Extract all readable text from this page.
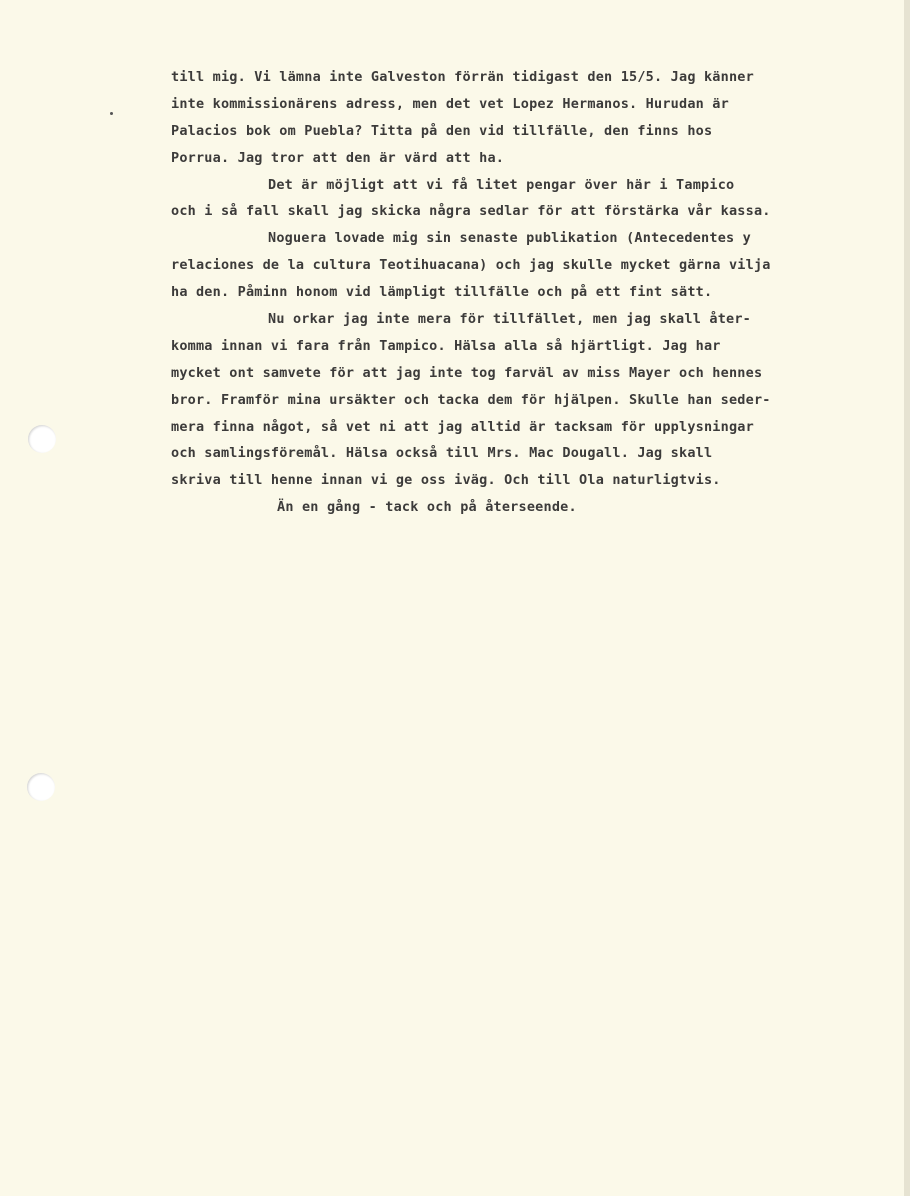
till mig. Vi lämna inte Galveston förrän tidigast den 15/5. Jag känner
inte kommissionärens adress, men det vet Lopez Hermanos. Hurudan är
Palacios bok om Puebla? Titta på den vid tillfälle, den finns hos
Porrua. Jag tror att den är värd att ha.
Det är möjligt att vi få litet pengar över här i Tampico
och i så fall skall jag skicka några sedlar för att förstärka vår kassa.
Noguera lovade mig sin senaste publikation (Antecedentes y
relaciones de la cultura Teotihuacana) och jag skulle mycket gärna vilja
ha den. Påminn honom vid lämpligt tillfälle och på ett fint sätt.
Nu orkar jag inte mera för tillfället, men jag skall åter-
komma innan vi fara från Tampico. Hälsa alla så hjärtligt. Jag har
mycket ont samvete för att jag inte tog farväl av miss Mayer och hennes
bror. Framför mina ursäkter och tacka dem för hjälpen. Skulle han seder-
mera finna något, så vet ni att jag alltid är tacksam för upplysningar
och samlingsföremål. Hälsa också till Mrs. Mac Dougall. Jag skall
skriva till henne innan vi ge oss iväg. Och till Ola naturligtvis.
Än en gång - tack och på återseende.
